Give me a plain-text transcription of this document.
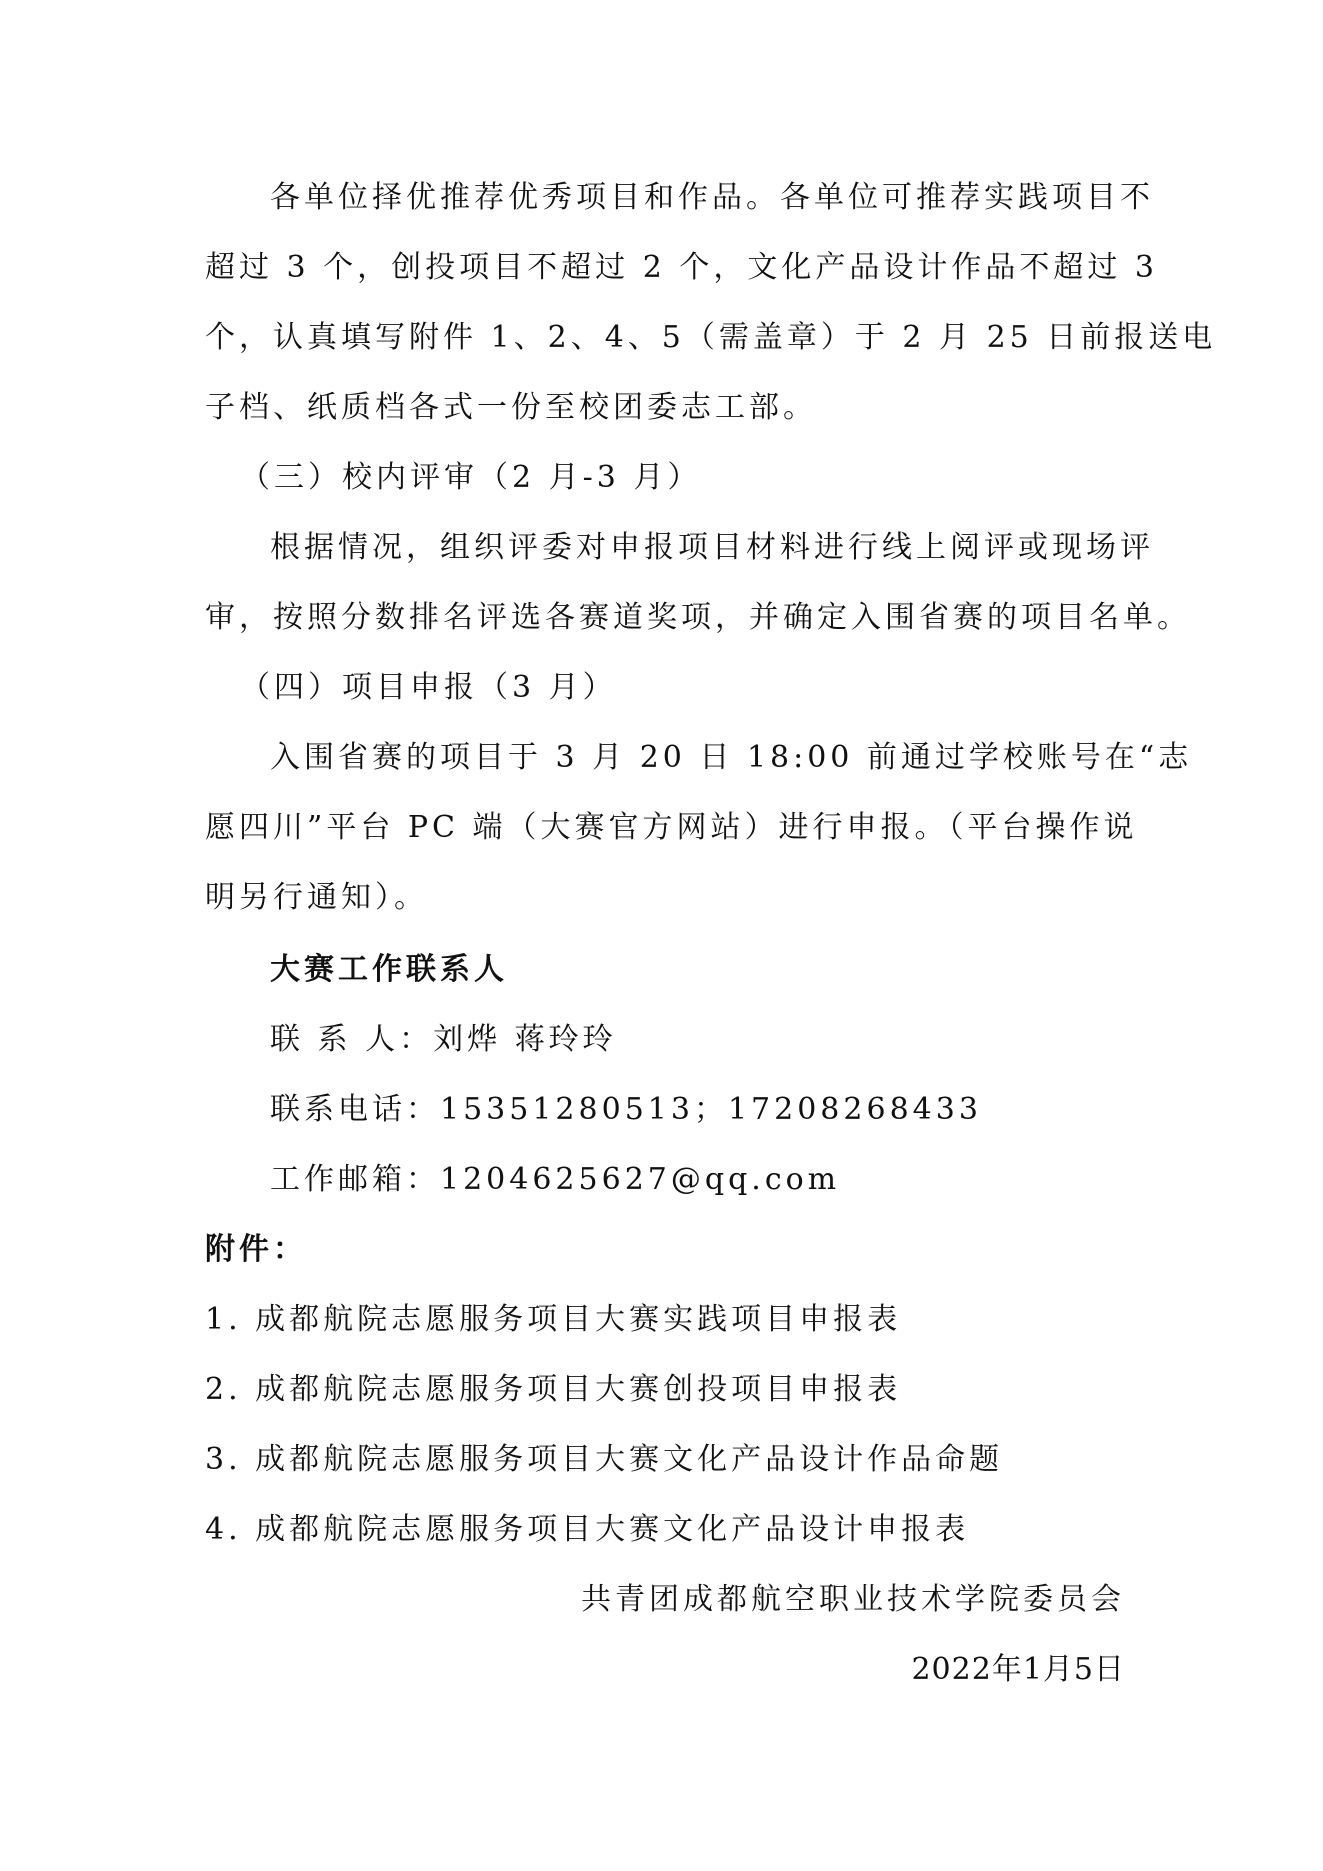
各单位择优推荐优秀项目和作品。各单位可推荐实践项目不
超过 3 个，创投项目不超过 2 个，文化产品设计作品不超过 3
个，认真填写附件 1、2、4、5（需盖章）于 2 月 25 日前报送电
子档、纸质档各式一份至校团委志工部。
（三）校内评审（2 月-3 月）
根据情况，组织评委对申报项目材料进行线上阅评或现场评
审，按照分数排名评选各赛道奖项，并确定入围省赛的项目名单。
（四）项目申报（3 月）
入围省赛的项目于 3 月 20 日 18:00 前通过学校账号在“志
愿四川”平台 PC 端（大赛官方网站）进行申报。（平台操作说
明另行通知）。
大赛工作联系人
联 系 人：刘烨 蒋玲玲
联系电话：15351280513；17208268433
工作邮箱：1204625627@qq.com
附件：
1. 成都航院志愿服务项目大赛实践项目申报表
2. 成都航院志愿服务项目大赛创投项目申报表
3. 成都航院志愿服务项目大赛文化产品设计作品命题
4. 成都航院志愿服务项目大赛文化产品设计申报表
共青团成都航空职业技术学院委员会
2022年1月5日
